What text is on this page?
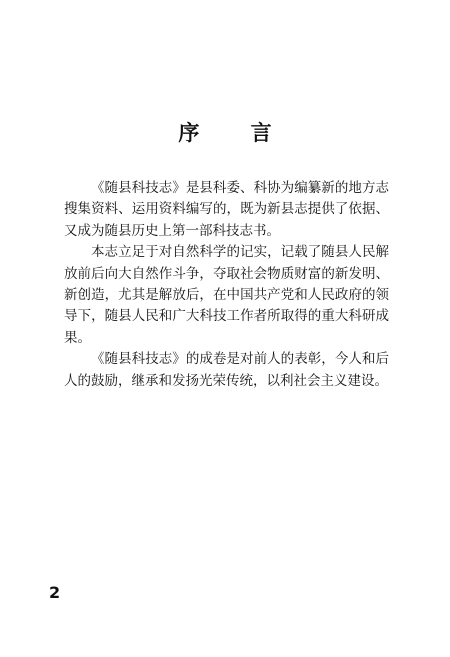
序 言

《随县科技志》是县科委、科协为编纂新的地方志搜集资料、运用资料编写的，既为新县志提供了依据、又成为随县历史上第一部科技志书。

本志立足于对自然科学的记实，记载了随县人民解放前后向大自然作斗争，夺取社会物质财富的新发明、新创造，尤其是解放后，在中国共产党和人民政府的领导下，随县人民和广大科技工作者所取得的重大科研成果。

《随县科技志》的成卷是对前人的表彰，今人和后人的鼓励，继承和发扬光荣传统，以利社会主义建设。

2
